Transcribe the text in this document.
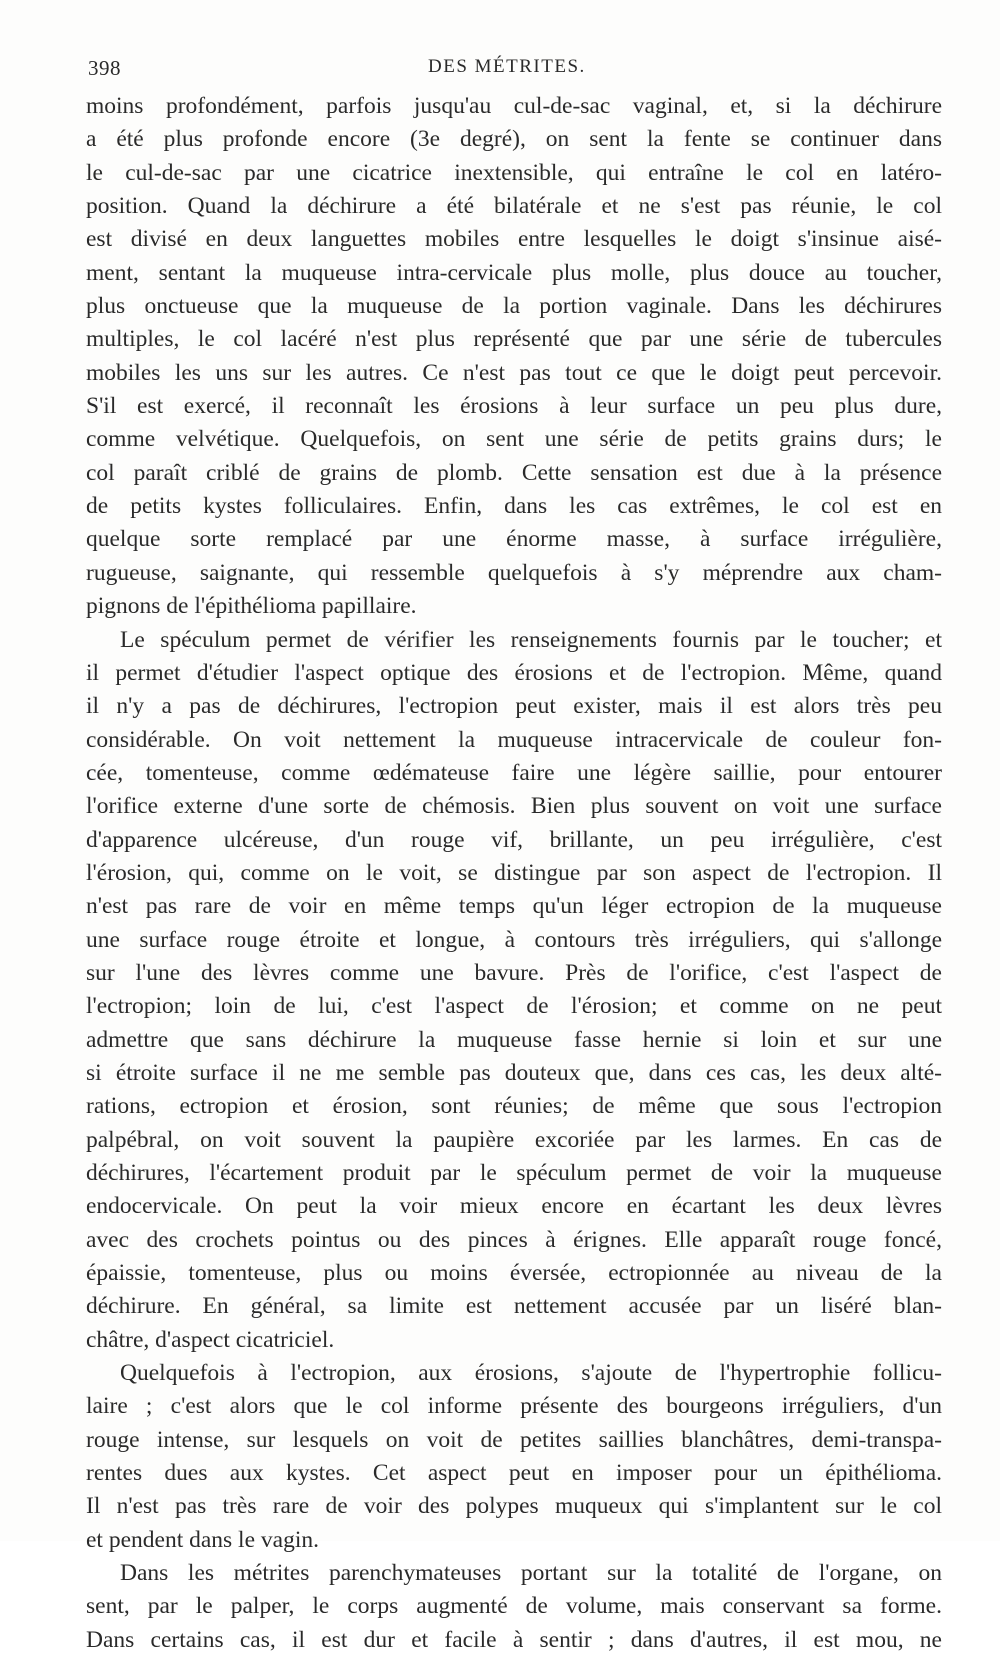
398	DES MÉTRITES.
moins profondément, parfois jusqu'au cul-de-sac vaginal, et, si la déchirure
a été plus profonde encore (3e degré), on sent la fente se continuer dans
le cul-de-sac par une cicatrice inextensible, qui entraîne le col en latéro-
position. Quand la déchirure a été bilatérale et ne s'est pas réunie, le col
est divisé en deux languettes mobiles entre lesquelles le doigt s'insinue aisé-
ment, sentant la muqueuse intra-cervicale plus molle, plus douce au toucher,
plus onctueuse que la muqueuse de la portion vaginale. Dans les déchirures
multiples, le col lacéré n'est plus représenté que par une série de tubercules
mobiles les uns sur les autres. Ce n'est pas tout ce que le doigt peut percevoir.
S'il est exercé, il reconnaît les érosions à leur surface un peu plus dure,
comme velvétique. Quelquefois, on sent une série de petits grains durs; le
col paraît criblé de grains de plomb. Cette sensation est due à la présence
de petits kystes folliculaires. Enfin, dans les cas extrêmes, le col est en
quelque sorte remplacé par une énorme masse, à surface irrégulière,
rugueuse, saignante, qui ressemble quelquefois à s'y méprendre aux cham-
pignons de l'épithélioma papillaire.
Le spéculum permet de vérifier les renseignements fournis par le toucher; et
il permet d'étudier l'aspect optique des érosions et de l'ectropion. Même, quand
il n'y a pas de déchirures, l'ectropion peut exister, mais il est alors très peu
considérable. On voit nettement la muqueuse intracervicale de couleur fon-
cée, tomenteuse, comme œdémateuse faire une légère saillie, pour entourer
l'orifice externe d'une sorte de chémosis. Bien plus souvent on voit une surface
d'apparence ulcéreuse, d'un rouge vif, brillante, un peu irrégulière, c'est
l'érosion, qui, comme on le voit, se distingue par son aspect de l'ectropion. Il
n'est pas rare de voir en même temps qu'un léger ectropion de la muqueuse
une surface rouge étroite et longue, à contours très irréguliers, qui s'allonge
sur l'une des lèvres comme une bavure. Près de l'orifice, c'est l'aspect de
l'ectropion; loin de lui, c'est l'aspect de l'érosion; et comme on ne peut
admettre que sans déchirure la muqueuse fasse hernie si loin et sur une
si étroite surface il ne me semble pas douteux que, dans ces cas, les deux alté-
rations, ectropion et érosion, sont réunies; de même que sous l'ectropion
palpébral, on voit souvent la paupière excoriée par les larmes. En cas de
déchirures, l'écartement produit par le spéculum permet de voir la muqueuse
endocervicale. On peut la voir mieux encore en écartant les deux lèvres
avec des crochets pointus ou des pinces à érignes. Elle apparaît rouge foncé,
épaissie, tomenteuse, plus ou moins éversée, ectropionnée au niveau de la
déchirure. En général, sa limite est nettement accusée par un liséré blan-
châtre, d'aspect cicatriciel.
Quelquefois à l'ectropion, aux érosions, s'ajoute de l'hypertrophie follicu-
laire ; c'est alors que le col informe présente des bourgeons irréguliers, d'un
rouge intense, sur lesquels on voit de petites saillies blanchâtres, demi-transpa-
rentes dues aux kystes. Cet aspect peut en imposer pour un épithélioma.
Il n'est pas très rare de voir des polypes muqueux qui s'implantent sur le col
et pendent dans le vagin.
Dans les métrites parenchymateuses portant sur la totalité de l'organe, on
sent, par le palper, le corps augmenté de volume, mais conservant sa forme.
Dans certains cas, il est dur et facile à sentir ; dans d'autres, il est mou, ne
